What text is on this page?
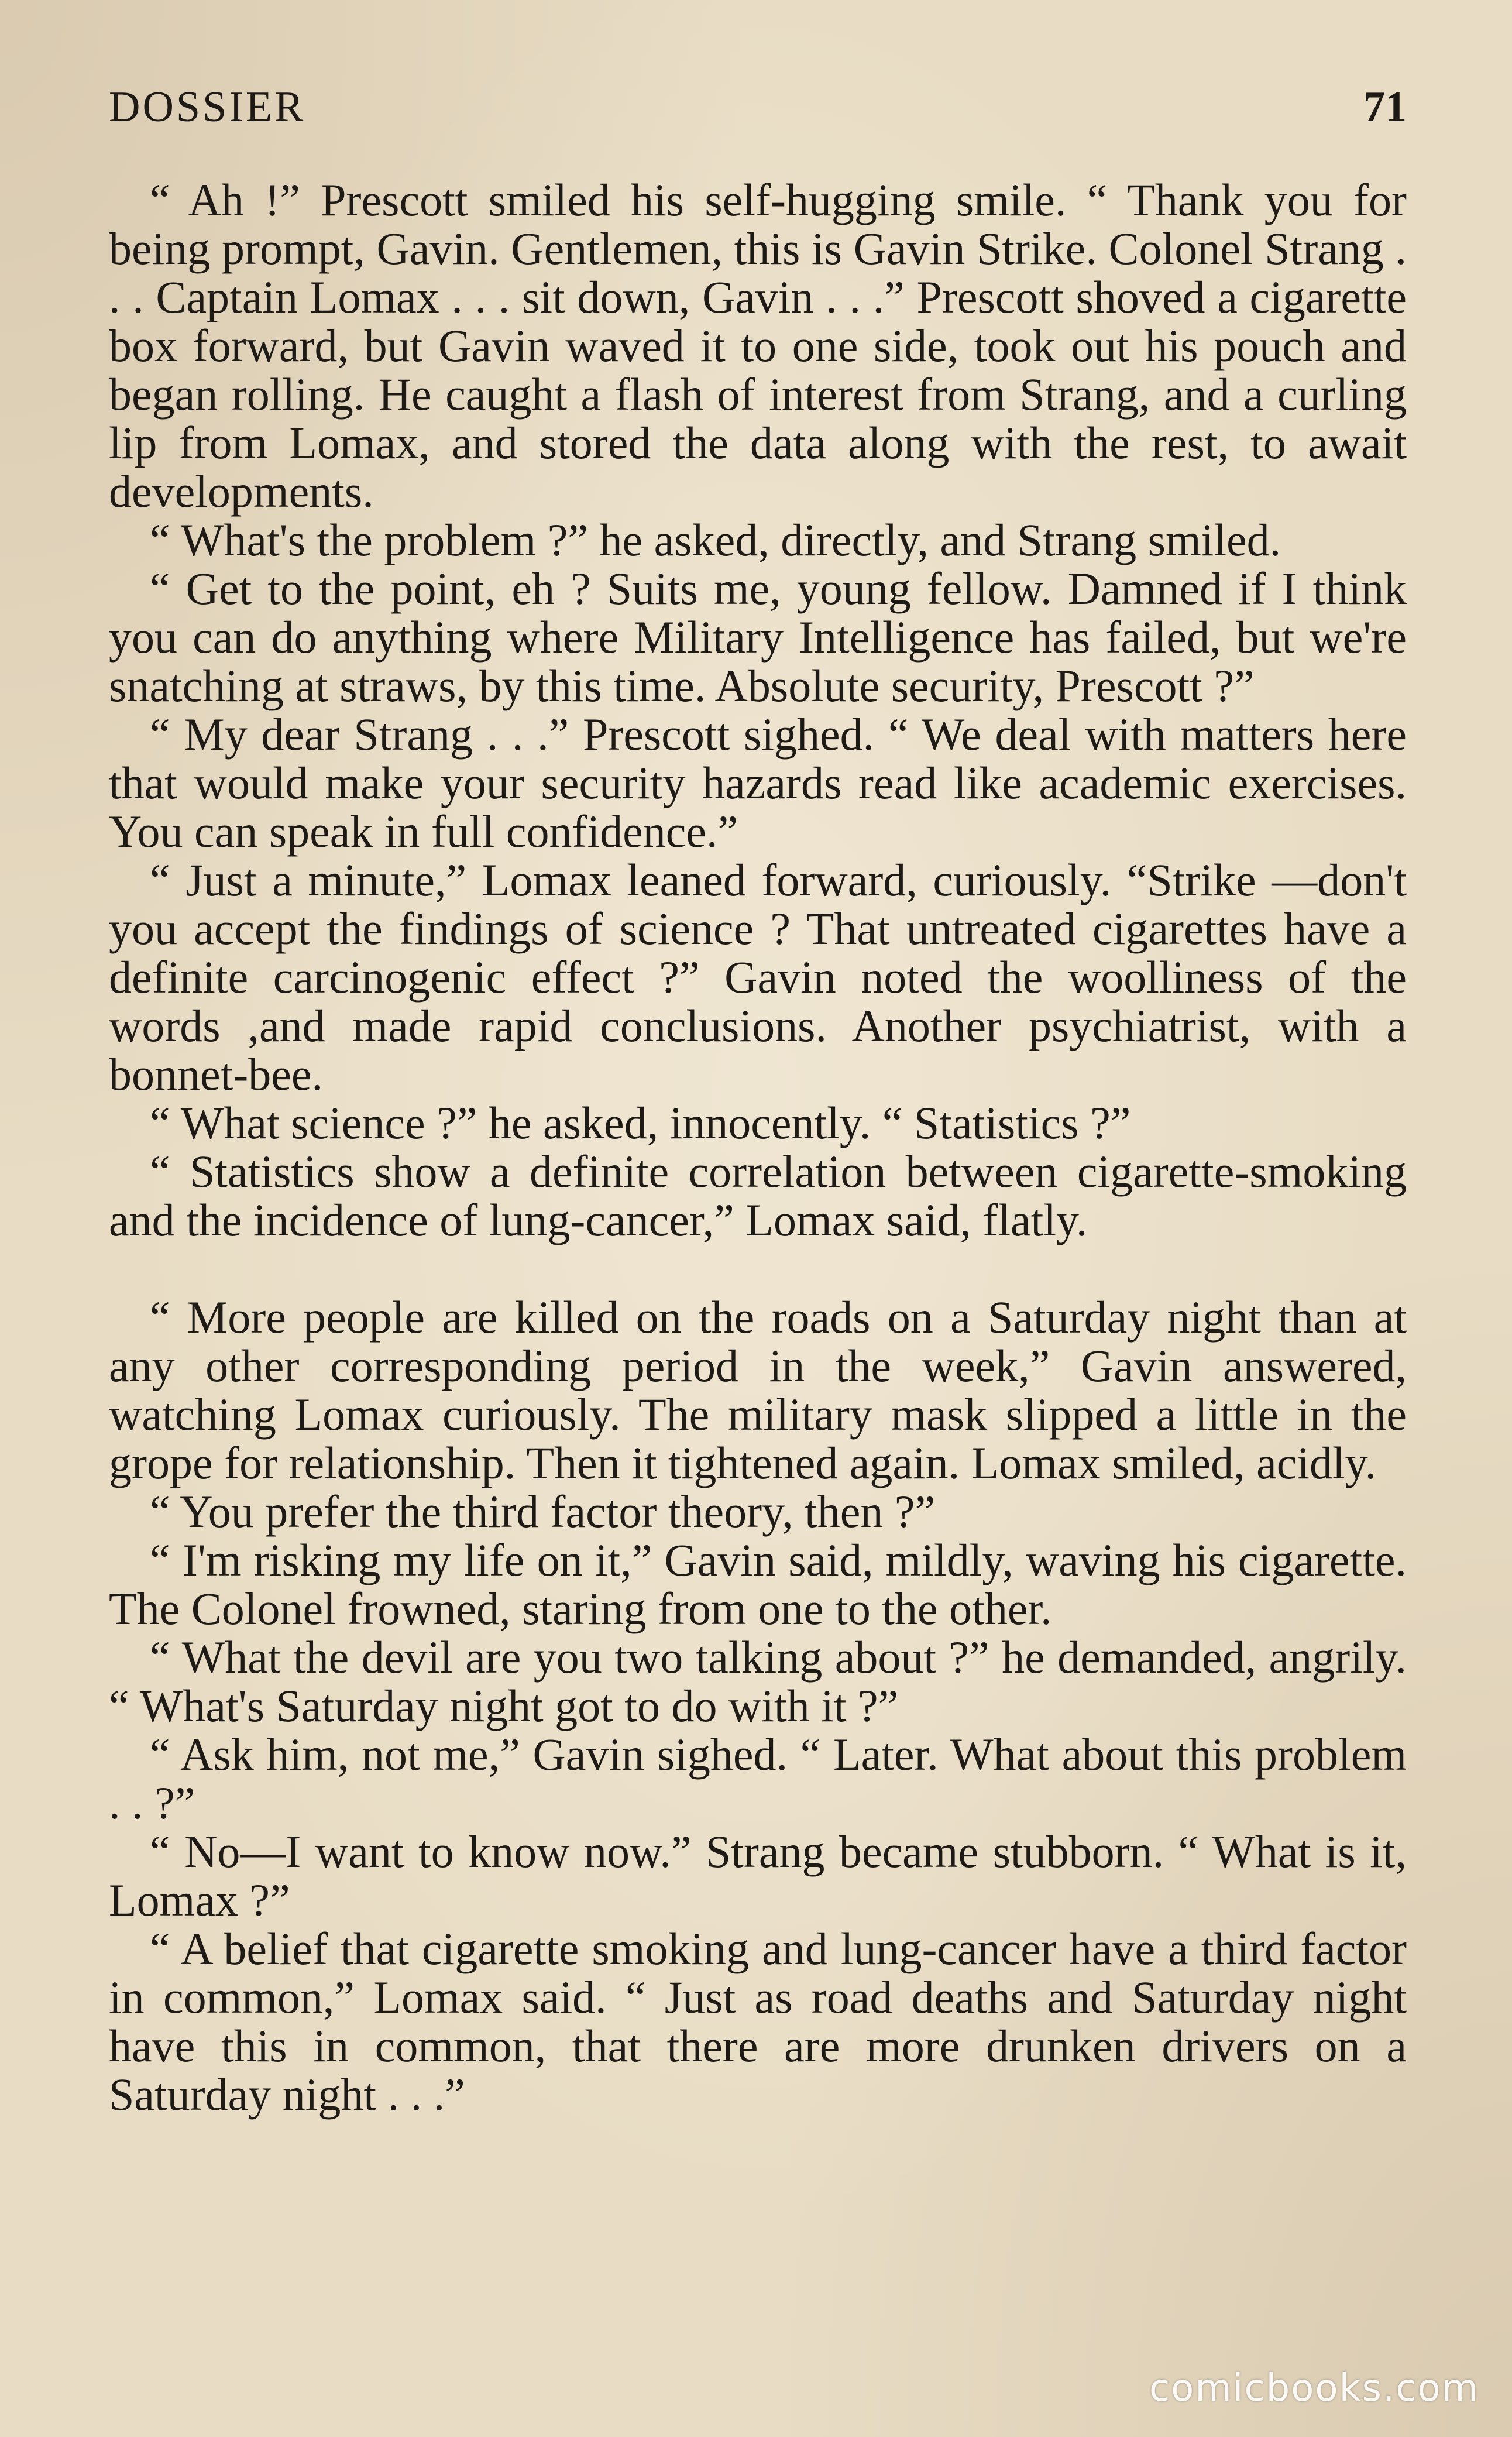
DOSSIER	71

“ Ah !” Prescott smiled his self-hugging smile. “ Thank you for being prompt, Gavin. Gentlemen, this is Gavin Strike. Colonel Strang . . . Captain Lomax . . . sit down, Gavin . . .” Prescott shoved a cigarette box forward, but Gavin waved it to one side, took out his pouch and began rolling. He caught a flash of interest from Strang, and a curling lip from Lomax, and stored the data along with the rest, to await developments.

“ What's the problem ?” he asked, directly, and Strang smiled.

“ Get to the point, eh ? Suits me, young fellow. Damned if I think you can do anything where Military Intelligence has failed, but we're snatching at straws, by this time. Absolute security, Prescott ?”

“ My dear Strang . . .” Prescott sighed. “ We deal with matters here that would make your security hazards read like academic exercises. You can speak in full confidence.”

“ Just a minute,” Lomax leaned forward, curiously. “Strike —don't you accept the findings of science ? That untreated cigarettes have a definite carcinogenic effect ?” Gavin noted the woolliness of the words ,and made rapid conclusions. Another psychiatrist, with a bonnet-bee.

“ What science ?” he asked, innocently. “ Statistics ?”

“ Statistics show a definite correlation between cigarette-smoking and the incidence of lung-cancer,” Lomax said, flatly.

“ More people are killed on the roads on a Saturday night than at any other corresponding period in the week,” Gavin answered, watching Lomax curiously. The military mask slipped a little in the grope for relationship. Then it tightened again. Lomax smiled, acidly.

“ You prefer the third factor theory, then ?”

“ I'm risking my life on it,” Gavin said, mildly, waving his cigarette. The Colonel frowned, staring from one to the other.

“ What the devil are you two talking about ?” he demanded, angrily. “ What's Saturday night got to do with it ?”

“ Ask him, not me,” Gavin sighed. “ Later. What about this problem . . ?”

“ No—I want to know now.” Strang became stubborn. “ What is it, Lomax ?”

“ A belief that cigarette smoking and lung-cancer have a third factor in common,” Lomax said. “ Just as road deaths and Saturday night have this in common, that there are more drunken drivers on a Saturday night . . .”

comicbooks.com
